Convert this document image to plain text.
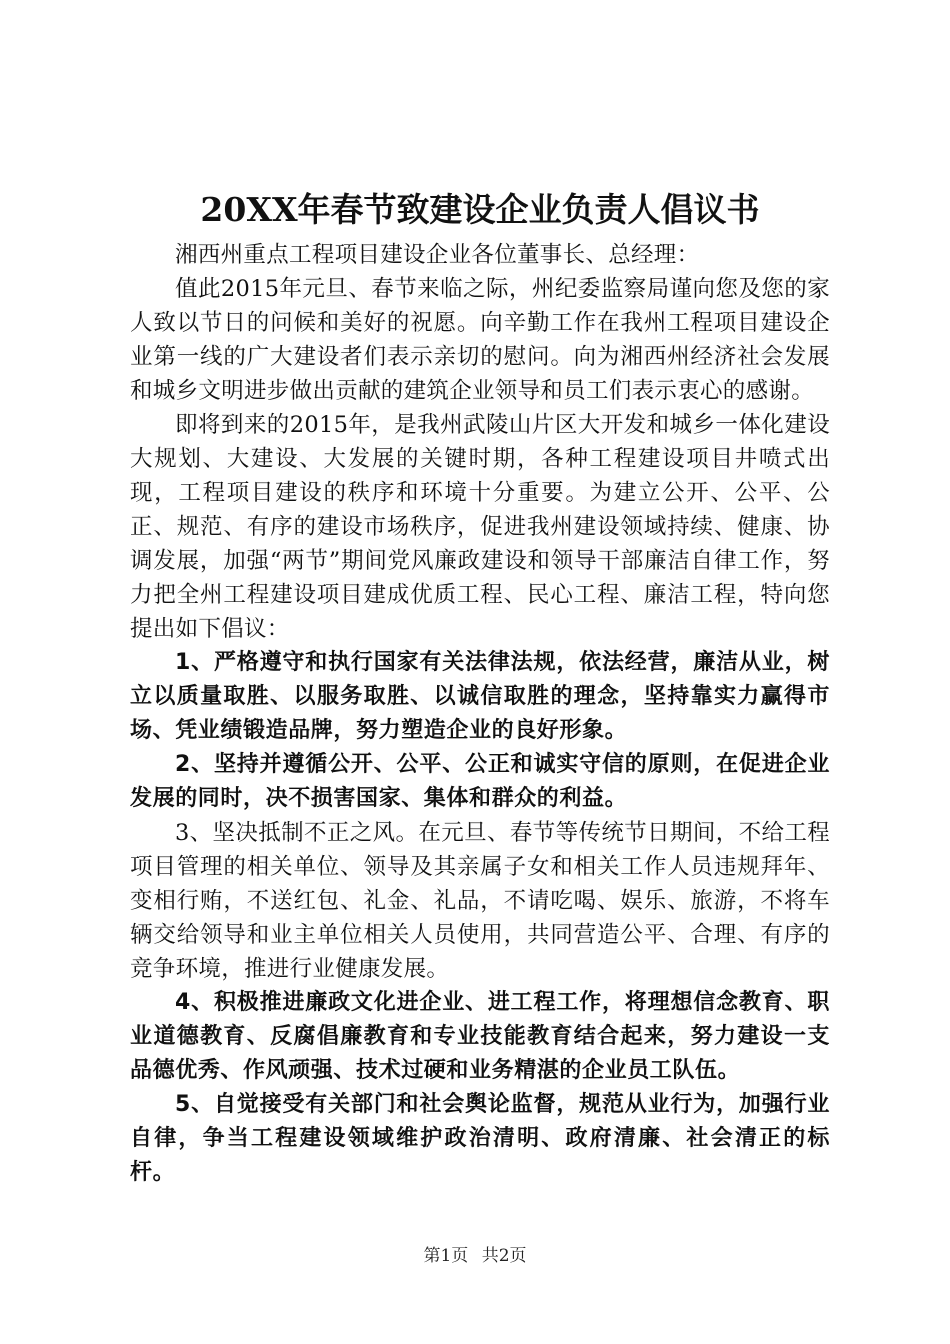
20XX年春节致建设企业负责人倡议书

湘西州重点工程项目建设企业各位董事长、总经理：

值此2015年元旦、春节来临之际，州纪委监察局谨向您及您的家人致以节日的问候和美好的祝愿。向辛勤工作在我州工程项目建设企业第一线的广大建设者们表示亲切的慰问。向为湘西州经济社会发展和城乡文明进步做出贡献的建筑企业领导和员工们表示衷心的感谢。

即将到来的2015年，是我州武陵山片区大开发和城乡一体化建设大规划、大建设、大发展的关键时期，各种工程建设项目井喷式出现，工程项目建设的秩序和环境十分重要。为建立公开、公平、公正、规范、有序的建设市场秩序，促进我州建设领域持续、健康、协调发展，加强“两节”期间党风廉政建设和领导干部廉洁自律工作，努力把全州工程建设项目建成优质工程、民心工程、廉洁工程，特向您提出如下倡议：

1、严格遵守和执行国家有关法律法规，依法经营，廉洁从业，树立以质量取胜、以服务取胜、以诚信取胜的理念，坚持靠实力赢得市场、凭业绩锻造品牌，努力塑造企业的良好形象。

2、坚持并遵循公开、公平、公正和诚实守信的原则，在促进企业发展的同时，决不损害国家、集体和群众的利益。

3、坚决抵制不正之风。在元旦、春节等传统节日期间，不给工程项目管理的相关单位、领导及其亲属子女和相关工作人员违规拜年、变相行贿，不送红包、礼金、礼品，不请吃喝、娱乐、旅游，不将车辆交给领导和业主单位相关人员使用，共同营造公平、合理、有序的竞争环境，推进行业健康发展。

4、积极推进廉政文化进企业、进工程工作，将理想信念教育、职业道德教育、反腐倡廉教育和专业技能教育结合起来，努力建设一支品德优秀、作风顽强、技术过硬和业务精湛的企业员工队伍。

5、自觉接受有关部门和社会舆论监督，规范从业行为，加强行业自律，争当工程建设领域维护政治清明、政府清廉、社会清正的标杆。

第1页 共2页
